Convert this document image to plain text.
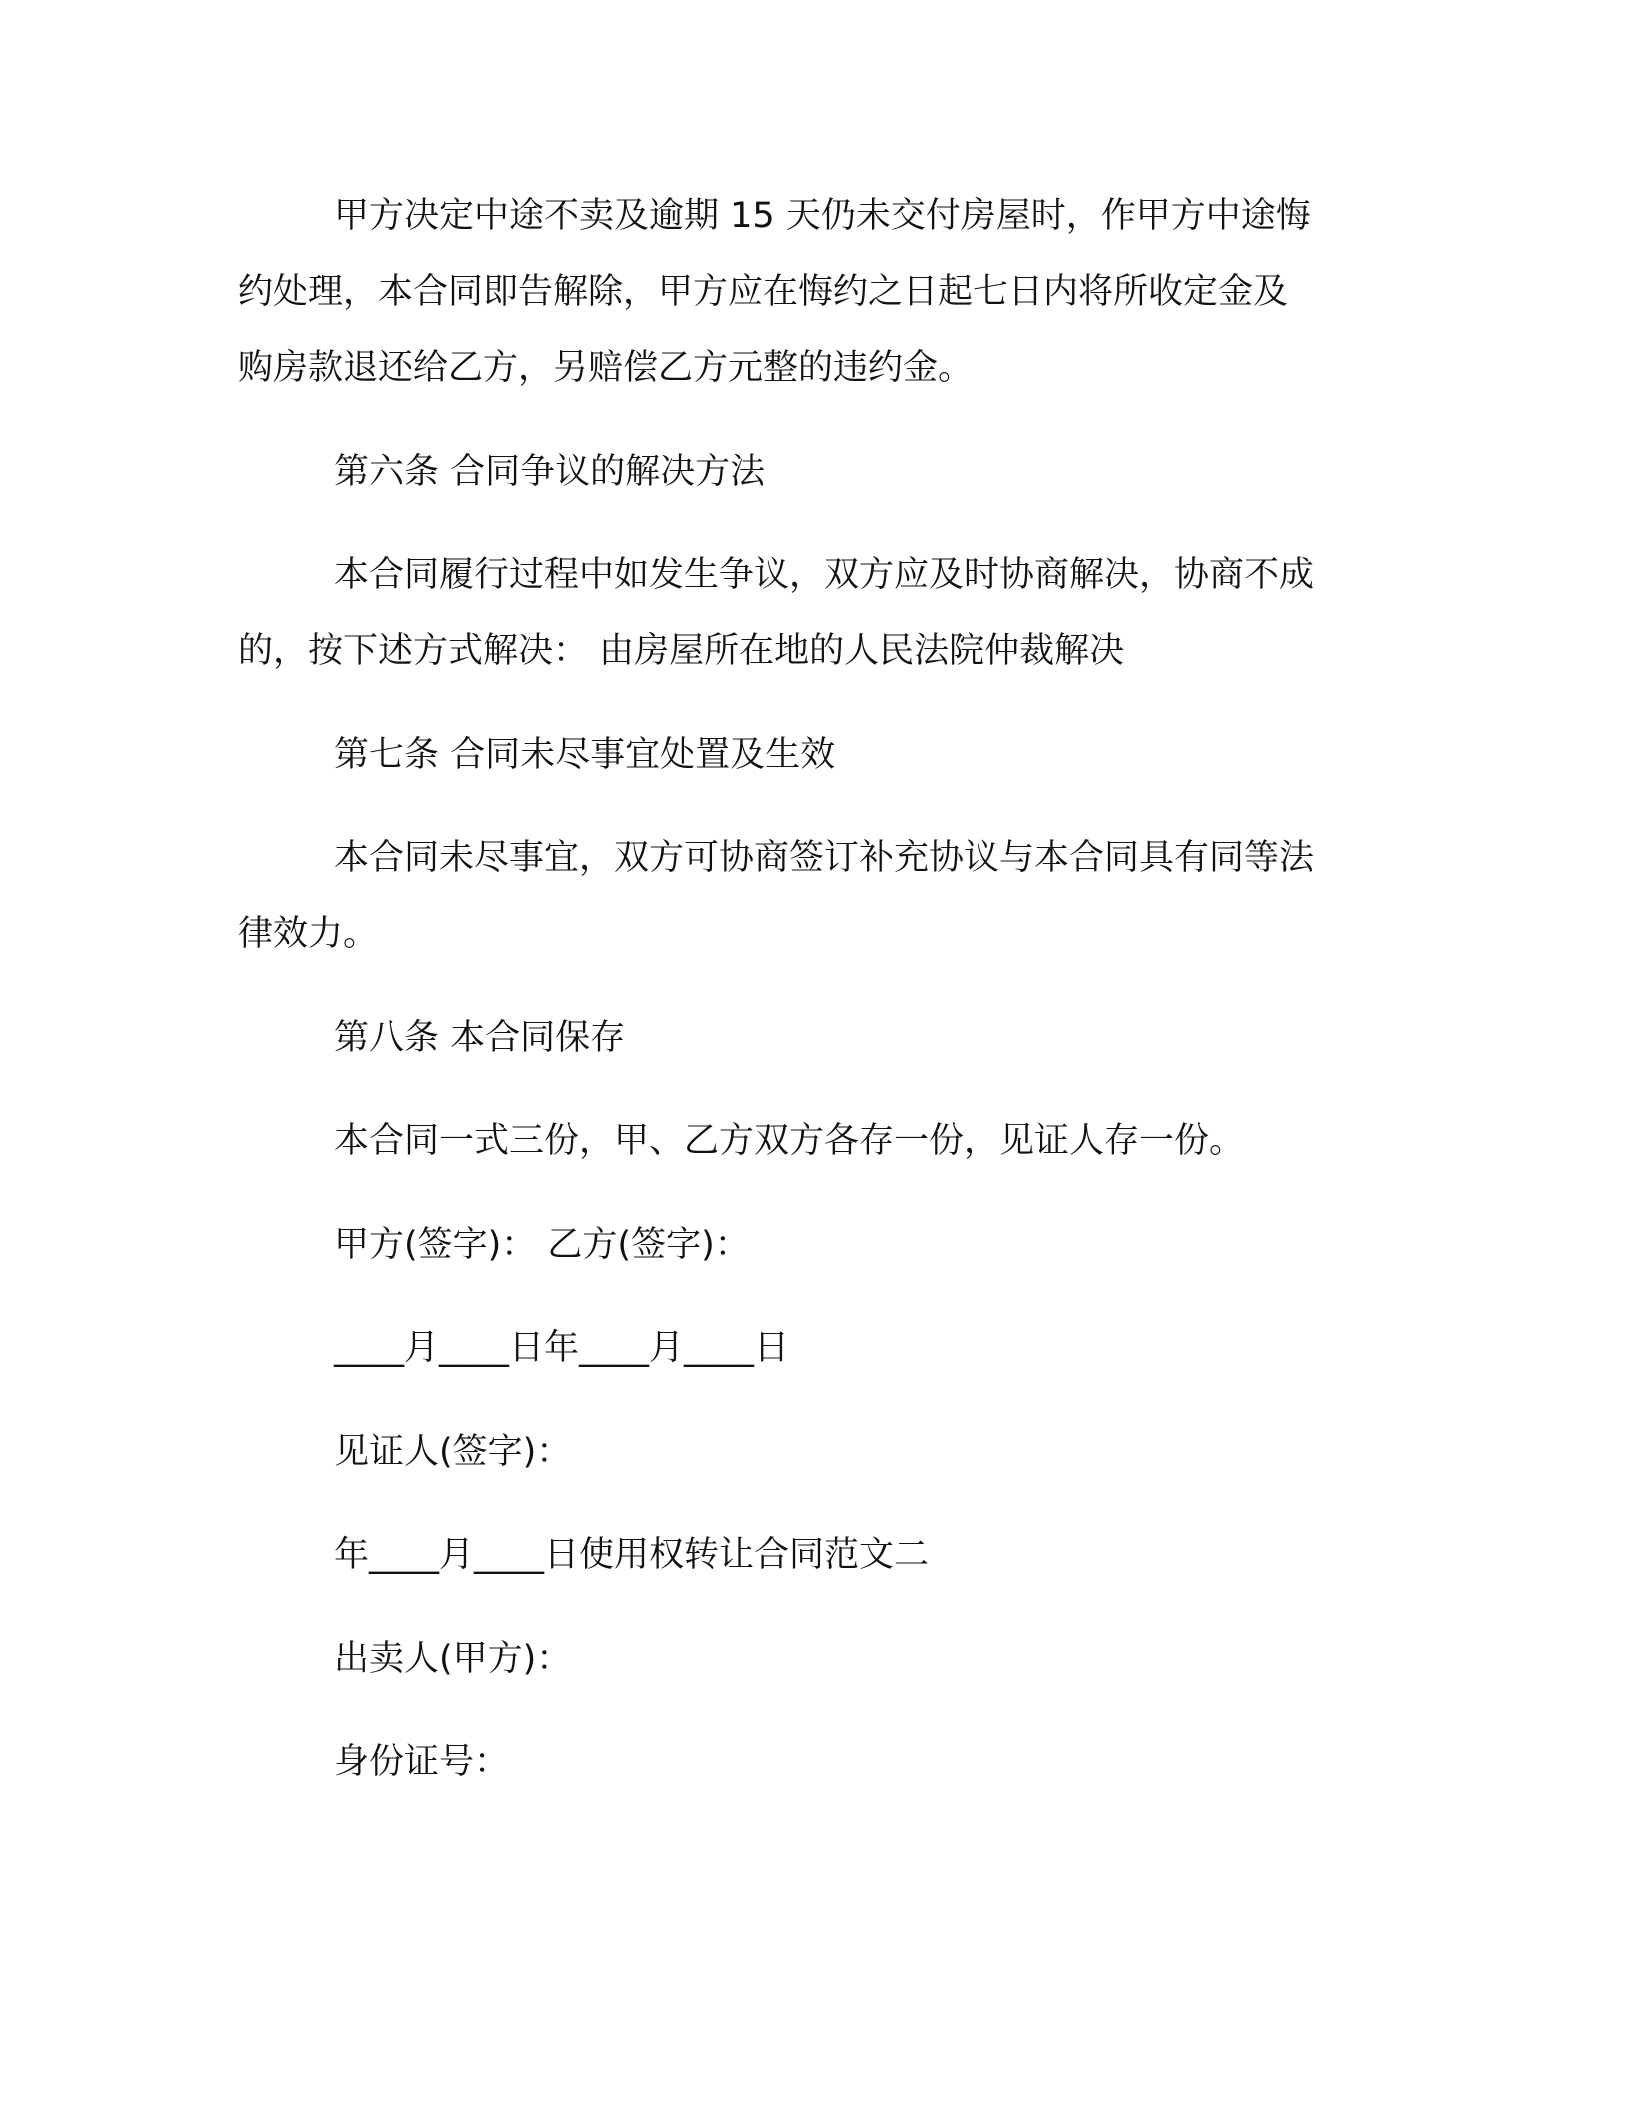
甲方决定中途不卖及逾期 15 天仍未交付房屋时，作甲方中途悔
约处理，本合同即告解除，甲方应在悔约之日起七日内将所收定金及
购房款退还给乙方，另赔偿乙方元整的违约金。
第六条 合同争议的解决方法
本合同履行过程中如发生争议，双方应及时协商解决，协商不成
的，按下述方式解决： 由房屋所在地的人民法院仲裁解决
第七条 合同未尽事宜处置及生效
本合同未尽事宜，双方可协商签订补充协议与本合同具有同等法
律效力。
第八条 本合同保存
本合同一式三份，甲、乙方双方各存一份，见证人存一份。
甲方(签字)： 乙方(签字)：
____月____日年____月____日
见证人(签字)：
年____月____日使用权转让合同范文二
出卖人(甲方)：
身份证号：
